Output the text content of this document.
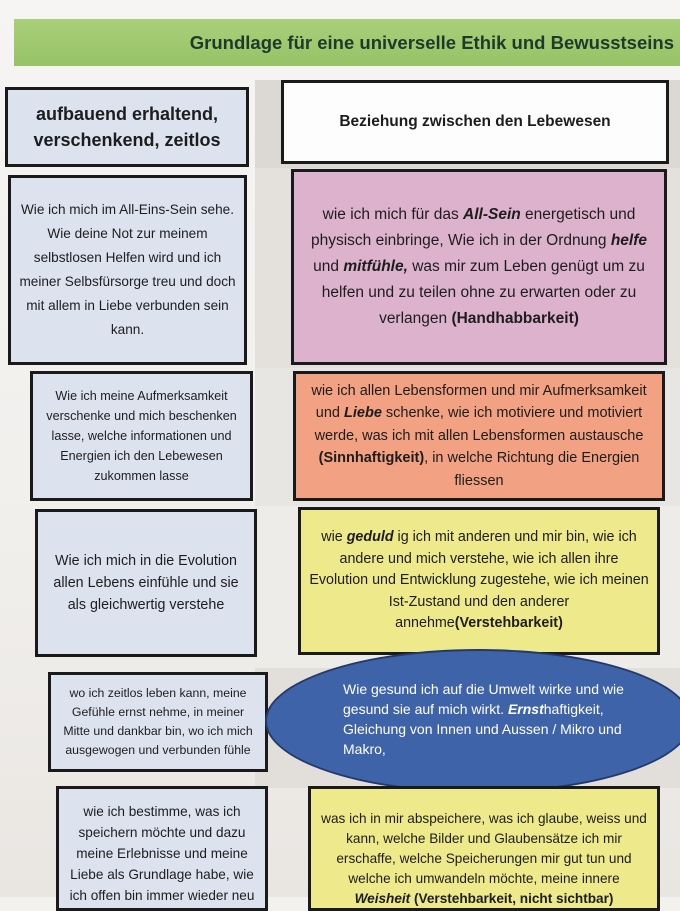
Grundlage für eine universelle Ethik und Bewusstseins

aufbauend erhaltend, verschenkend, zeitlos

Beziehung zwischen den Lebewesen

Wie ich mich im All-Eins-Sein sehe. Wie deine Not zur meinem selbstlosen Helfen wird und ich meiner Selbsfürsorge treu und doch mit allem in Liebe verbunden sein kann.

wie ich mich für das All-Sein energetisch und physisch einbringe, Wie ich in der Ordnung helfe und mitfühle, was mir zum Leben genügt um zu helfen und zu teilen ohne zu erwarten oder zu verlangen (Handhabbarkeit)

Wie ich meine Aufmerksamkeit verschenke und mich beschenken lasse, welche informationen und Energien ich den Lebewesen zukommen lasse

wie ich allen Lebensformen und mir Aufmerksamkeit und Liebe schenke, wie ich motiviere und motiviert werde, was ich mit allen Lebensformen austausche (Sinnhaftigkeit), in welche Richtung die Energien fliessen

Wie ich mich in die Evolution allen Lebens einfühle und sie als gleichwertig verstehe

wie geduld ig ich mit anderen und mir bin, wie ich andere und mich verstehe, wie ich allen ihre Evolution und Entwicklung zugestehe, wie ich meinen Ist-Zustand und den anderer annehme(Verstehbarkeit)

wo ich zeitlos leben kann, meine Gefühle ernst nehme, in meiner Mitte und dankbar bin, wo ich mich ausgewogen und verbunden fühle

Wie gesund ich auf die Umwelt wirke und wie gesund sie auf mich wirkt. Ernsthaftigkeit, Gleichung von Innen und Aussen / Mikro und Makro,

wie ich bestimme, was ich speichern möchte und dazu meine Erlebnisse und meine Liebe als Grundlage habe, wie ich offen bin immer wieder neu

was ich in mir abspeichere, was ich glaube, weiss und kann, welche Bilder und Glaubensätze ich mir erschaffe, welche Speicherungen mir gut tun und welche ich umwandeln möchte, meine innere Weisheit (Verstehbarkeit, nicht sichtbar)
